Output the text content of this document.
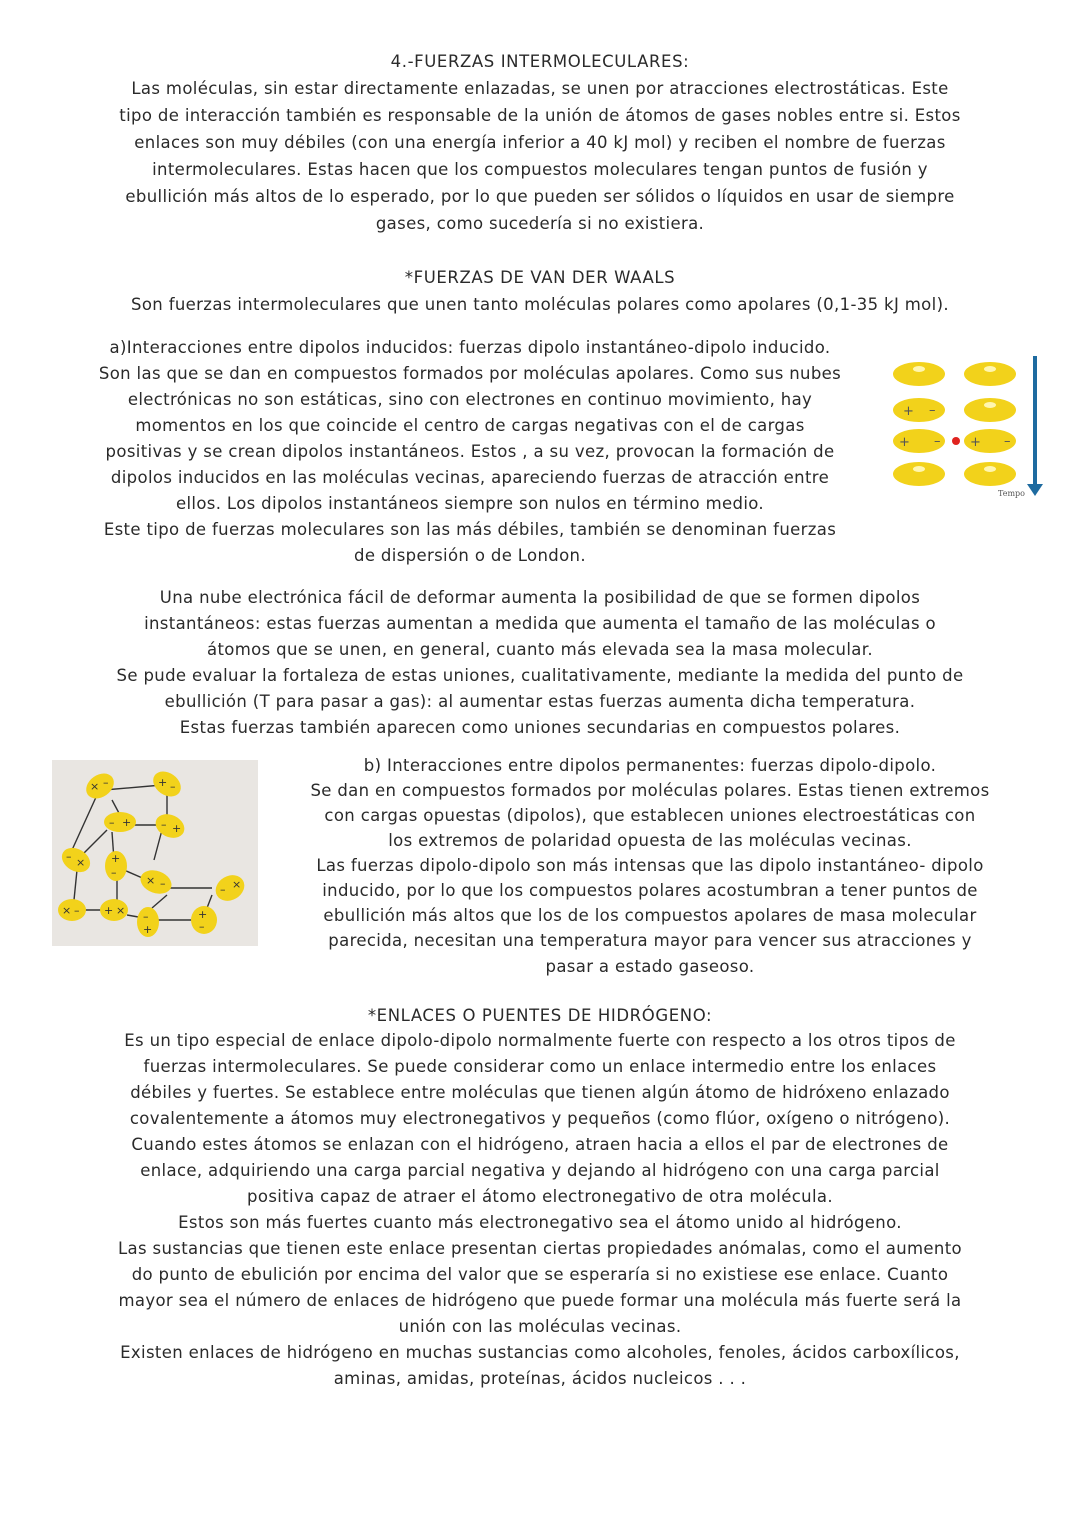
4.-FUERZAS INTERMOLECULARES:
Las moléculas, sin estar directamente enlazadas, se unen por atracciones electrostáticas. Este
tipo de interacción también es responsable de la unión de átomos de gases nobles entre si. Estos
enlaces son muy débiles (con una energía inferior a 40 kJ mol) y reciben el nombre de fuerzas
intermoleculares. Estas hacen que los compuestos moleculares tengan puntos de fusión y
ebullición más altos de lo esperado, por lo que pueden ser sólidos o líquidos en usar de siempre
gases, como sucedería si no existiera.
*FUERZAS DE VAN DER WAALS
Son fuerzas intermoleculares que unen tanto moléculas polares como apolares (0,1-35 kJ mol).
a)Interacciones entre dipolos inducidos: fuerzas dipolo instantáneo-dipolo inducido.
Son las que se dan en compuestos formados por moléculas apolares. Como sus nubes
electrónicas no son estáticas, sino con electrones en continuo movimiento, hay
momentos en los que coincide el centro de cargas negativas con el de cargas
positivas y se crean dipolos instantáneos. Estos , a su vez, provocan la formación de
dipolos inducidos en las moléculas vecinas, apareciendo fuerzas de atracción entre
ellos. Los dipolos instantáneos siempre son nulos en término medio.
Este tipo de fuerzas moleculares son las más débiles, también se denominan fuerzas
de dispersión o de London.
+ –
+ – + –
Tempo
Una nube electrónica fácil de deformar aumenta la posibilidad de que se formen dipolos
instantáneos: estas fuerzas aumentan a medida que aumenta el tamaño de las moléculas o
átomos que se unen, en general, cuanto más elevada sea la masa molecular.
Se pude evaluar la fortaleza de estas uniones, cualitativamente, mediante la medida del punto de
ebullición (T para pasar a gas): al aumentar estas fuerzas aumenta dicha temperatura.
Estas fuerzas también aparecen como uniones secundarias en compuestos polares.
× –	+ –
– +	– +
– × +
–
× –	– ×
× – + × –
+
+
–
b) Interacciones entre dipolos permanentes: fuerzas dipolo-dipolo.
Se dan en compuestos formados por moléculas polares. Estas tienen extremos
con cargas opuestas (dipolos), que establecen uniones electroestáticas con
los extremos de polaridad opuesta de las moléculas vecinas.
Las fuerzas dipolo-dipolo son más intensas que las dipolo instantáneo- dipolo
inducido, por lo que los compuestos polares acostumbran a tener puntos de
ebullición más altos que los de los compuestos apolares de masa molecular
parecida, necesitan una temperatura mayor para vencer sus atracciones y
pasar a estado gaseoso.
*ENLACES O PUENTES DE HIDRÓGENO:
Es un tipo especial de enlace dipolo-dipolo normalmente fuerte con respecto a los otros tipos de
fuerzas intermoleculares. Se puede considerar como un enlace intermedio entre los enlaces
débiles y fuertes. Se establece entre moléculas que tienen algún átomo de hidróxeno enlazado
covalentemente a átomos muy electronegativos y pequeños (como flúor, oxígeno o nitrógeno).
Cuando estes átomos se enlazan con el hidrógeno, atraen hacia a ellos el par de electrones de
enlace, adquiriendo una carga parcial negativa y dejando al hidrógeno con una carga parcial
positiva capaz de atraer el átomo electronegativo de otra molécula.
Estos son más fuertes cuanto más electronegativo sea el átomo unido al hidrógeno.
Las sustancias que tienen este enlace presentan ciertas propiedades anómalas, como el aumento
do punto de ebulición por encima del valor que se esperaría si no existiese ese enlace. Cuanto
mayor sea el número de enlaces de hidrógeno que puede formar una molécula más fuerte será la
unión con las moléculas vecinas.
Existen enlaces de hidrógeno en muchas sustancias como alcoholes, fenoles, ácidos carboxílicos,
aminas, amidas, proteínas, ácidos nucleicos . . .
